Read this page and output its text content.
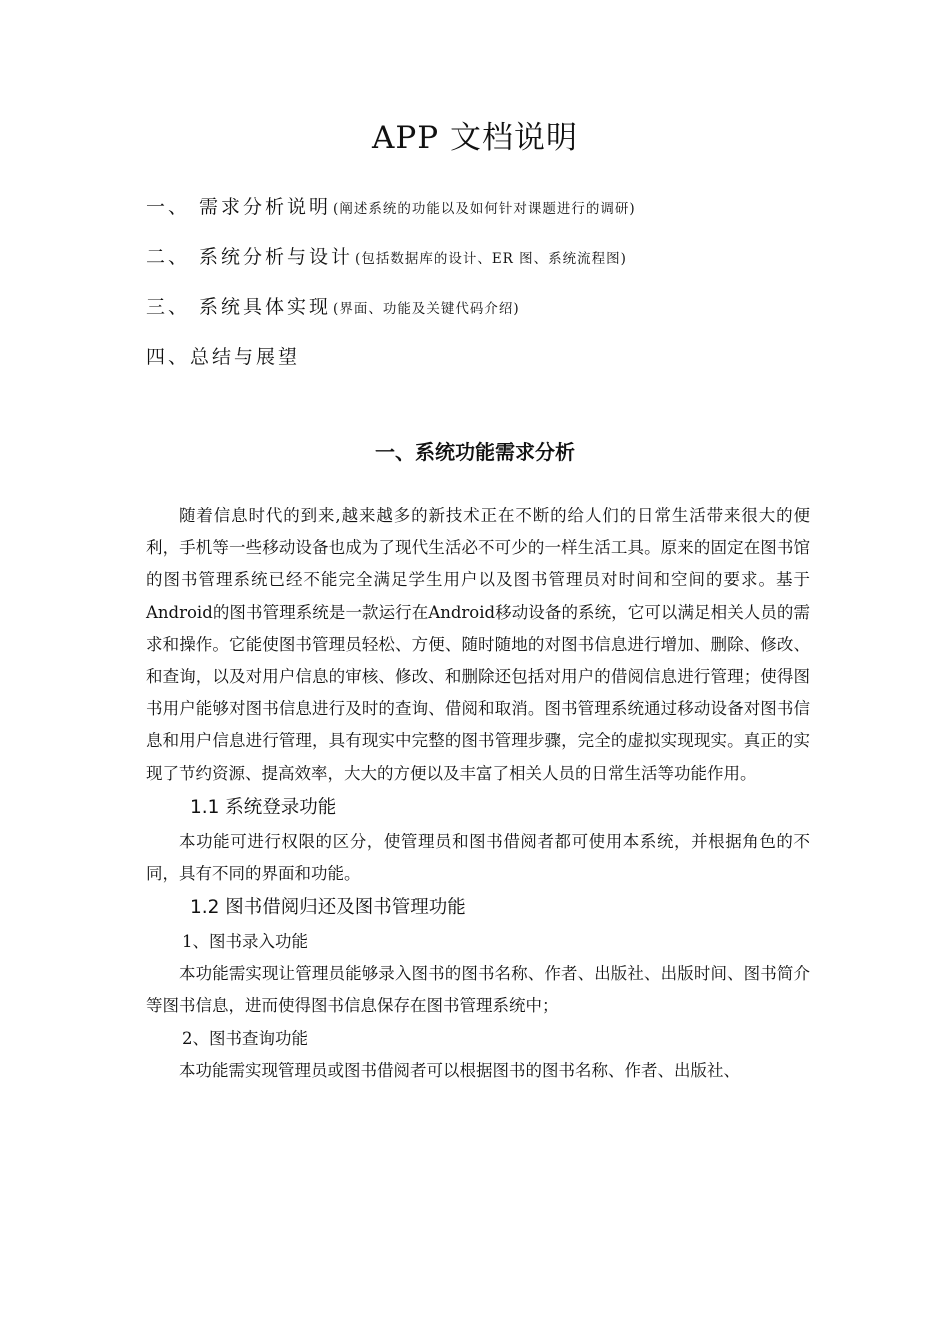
APP 文档说明
一、 需求分析说明 (阐述系统的功能以及如何针对课题进行的调研)
二、 系统分析与设计 (包括数据库的设计、ER 图、系统流程图)
三、 系统具体实现 (界面、功能及关键代码介绍)
四、总结与展望
一、系统功能需求分析

随着信息时代的到来,越来越多的新技术正在不断的给人们的日常生活带来很大的便利，手机等一些移动设备也成为了现代生活必不可少的一样生活工具。原来的固定在图书馆的图书管理系统已经不能完全满足学生用户以及图书管理员对时间和空间的要求。基于Android的图书管理系统是一款运行在Android移动设备的系统，它可以满足相关人员的需求和操作。它能使图书管理员轻松、方便、随时随地的对图书信息进行增加、删除、修改、和查询，以及对用户信息的审核、修改、和删除还包括对用户的借阅信息进行管理；使得图书用户能够对图书信息进行及时的查询、借阅和取消。图书管理系统通过移动设备对图书信息和用户信息进行管理，具有现实中完整的图书管理步骤，完全的虚拟实现现实。真正的实现了节约资源、提高效率，大大的方便以及丰富了相关人员的日常生活等功能作用。

1.1 系统登录功能

本功能可进行权限的区分，使管理员和图书借阅者都可使用本系统，并根据角色的不同，具有不同的界面和功能。

1.2 图书借阅归还及图书管理功能
1、图书录入功能

本功能需实现让管理员能够录入图书的图书名称、作者、出版社、出版时间、图书简介等图书信息，进而使得图书信息保存在图书管理系统中；

2、图书查询功能

本功能需实现管理员或图书借阅者可以根据图书的图书名称、作者、出版社、
